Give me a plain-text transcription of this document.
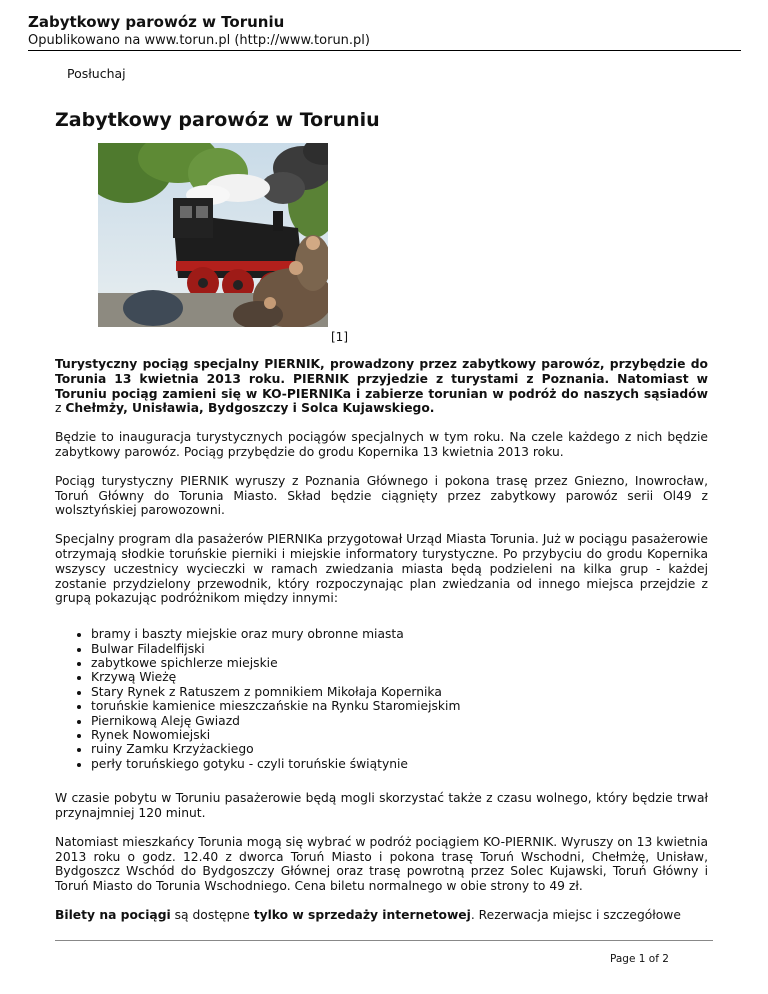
Zabytkowy parowóz w Toruniu
Opublikowano na www.torun.pl (http://www.torun.pl)
Posłuchaj
Zabytkowy parowóz w Toruniu
[1]

Turystyczny pociąg specjalny PIERNIK, prowadzony przez zabytkowy parowóz, przybędzie do Torunia 13 kwietnia 2013 roku. PIERNIK przyjedzie z turystami z Poznania. Natomiast w Toruniu pociąg zamieni się w KO-PIERNIKa i zabierze torunian w podróż do naszych sąsiadów z Chełmży, Unisławia, Bydgoszczy i Solca Kujawskiego.

Będzie to inauguracja turystycznych pociągów specjalnych w tym roku. Na czele każdego z nich będzie zabytkowy parowóz. Pociąg przybędzie do grodu Kopernika 13 kwietnia 2013 roku.

Pociąg turystyczny PIERNIK wyruszy z Poznania Głównego i pokona trasę przez Gniezno, Inowrocław, Toruń Główny do Torunia Miasto. Skład będzie ciągnięty przez zabytkowy parowóz serii Ol49 z wolsztyńskiej parowozowni.

Specjalny program dla pasażerów PIERNIKa przygotował Urząd Miasta Torunia. Już w pociągu pasażerowie otrzymają słodkie toruńskie pierniki i miejskie informatory turystyczne. Po przybyciu do grodu Kopernika wszyscy uczestnicy wycieczki w ramach zwiedzania miasta będą podzieleni na kilka grup - każdej zostanie przydzielony przewodnik, który rozpoczynając plan zwiedzania od innego miejsca przejdzie z grupą pokazując podróżnikom między innymi:

• bramy i baszty miejskie oraz mury obronne miasta
• Bulwar Filadelfijski
• zabytkowe spichlerze miejskie
• Krzywą Wieżę
• Stary Rynek z Ratuszem z pomnikiem Mikołaja Kopernika
• toruńskie kamienice mieszczańskie na Rynku Staromiejskim
• Piernikową Aleję Gwiazd
• Rynek Nowomiejski
• ruiny Zamku Krzyżackiego
• perły toruńskiego gotyku - czyli toruńskie świątynie

W czasie pobytu w Toruniu pasażerowie będą mogli skorzystać także z czasu wolnego, który będzie trwał przynajmniej 120 minut.

Natomiast mieszkańcy Torunia mogą się wybrać w podróż pociągiem KO-PIERNIK. Wyruszy on 13 kwietnia 2013 roku o godz. 12.40 z dworca Toruń Miasto i pokona trasę Toruń Wschodni, Chełmżę, Unisław, Bydgoszcz Wschód do Bydgoszczy Głównej oraz trasę powrotną przez Solec Kujawski, Toruń Główny i Toruń Miasto do Torunia Wschodniego. Cena biletu normalnego w obie strony to 49 zł.

Bilety na pociągi są dostępne tylko w sprzedaży internetowej. Rezerwacja miejsc i szczegółowe

Page 1 of 2
